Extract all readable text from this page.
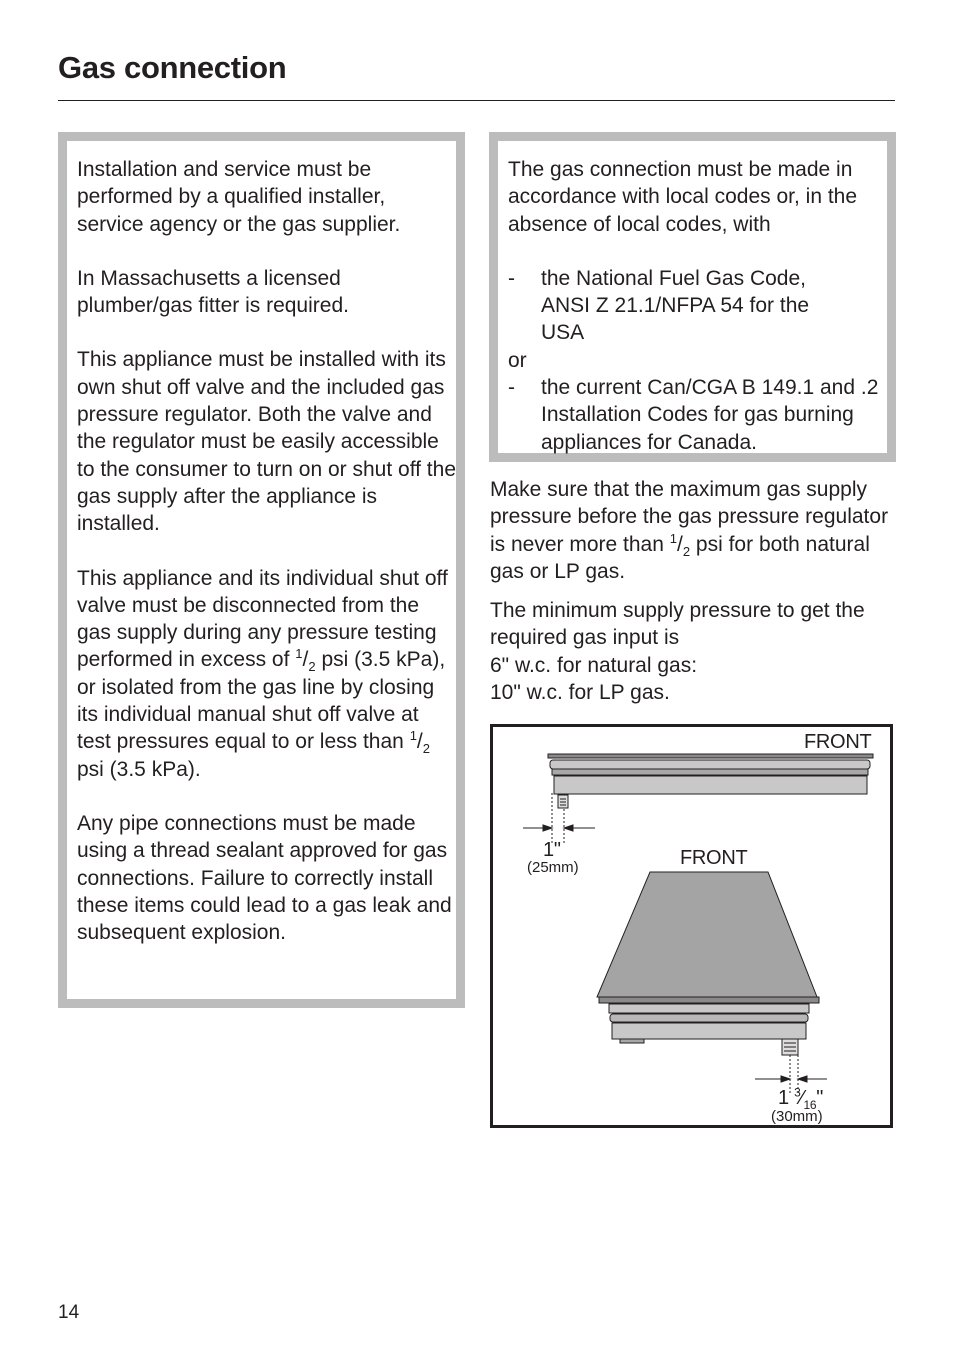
Gas connection

Installation and service must be performed by a qualified installer, service agency or the gas supplier.

In Massachusetts a licensed plumber/gas fitter is required.

This appliance must be installed with its own shut off valve and the included gas pressure regulator. Both the valve and the regulator must be easily accessible to the consumer to turn on or shut off the gas supply after the appliance is installed.

This appliance and its individual shut off valve must be disconnected from the gas supply during any pressure testing performed in excess of $^1/_2$ psi (3.5 kPa), or isolated from the gas line by closing its individual manual shut off valve at test pressures equal to or less than $^1/_2$ psi (3.5 kPa).

Any pipe connections must be made using a thread sealant approved for gas connections. Failure to correctly install these items could lead to a gas leak and subsequent explosion.

The gas connection must be made in accordance with local codes or, in the absence of local codes, with

-	the National Fuel Gas Code, ANSI Z 21.1/NFPA 54 for the USA

or

-	the current Can/CGA B 149.1 and .2 Installation Codes for gas burning appliances for Canada.

Make sure that the maximum gas supply pressure before the gas pressure regulator is never more than $^1/_2$ psi for both natural gas or LP gas.

The minimum supply pressure to get the required gas input is
6" w.c. for natural gas:
10" w.c. for LP gas.
FRONT
FRONT
1"
(25mm)
1 $^3⁄_{16}$"
(30mm)
14
